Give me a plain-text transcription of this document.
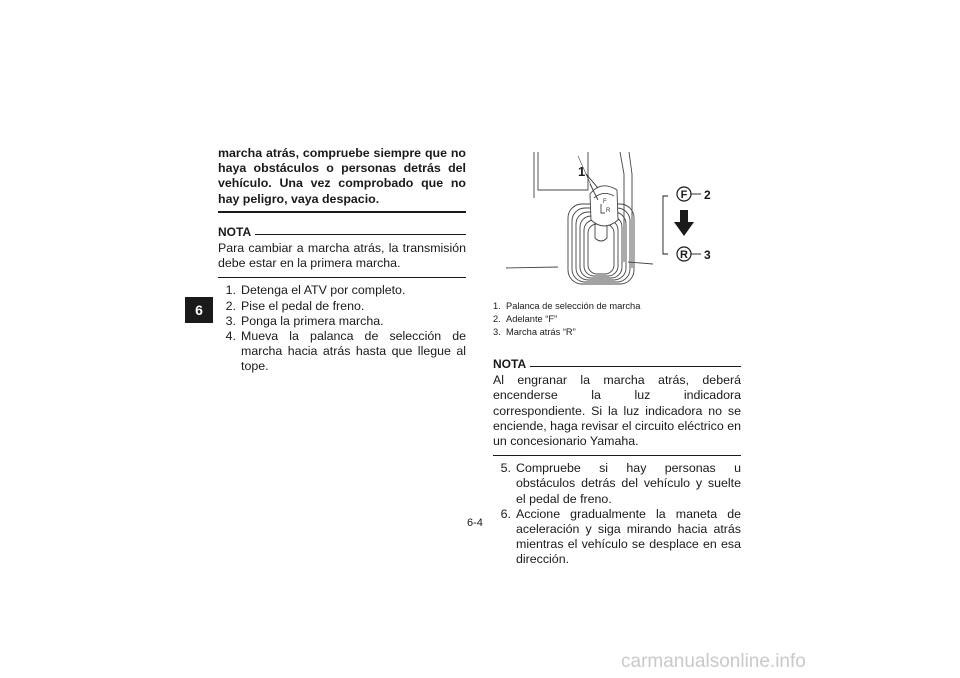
6

marcha atrás, compruebe siempre que no haya obstáculos o personas detrás del vehículo. Una vez comprobado que no hay peligro, vaya despacio.

NOTA

Para cambiar a marcha atrás, la transmisión debe estar en la primera marcha.

1. Detenga el ATV por completo.
2. Pise el pedal de freno.
3. Ponga la primera marcha.
4. Mueva la palanca de selección de marcha hacia atrás hasta que llegue al tope.
F
R
1
F 2
R 3
1. Palanca de selección de marcha
2. Adelante “F”
3. Marcha atrás “R”
NOTA

Al engranar la marcha atrás, deberá encenderse la luz indicadora correspondiente. Si la luz indicadora no se enciende, haga revisar el circuito eléctrico en un concesionario Yamaha.

5. Compruebe si hay personas u obstáculos detrás del vehículo y suelte el pedal de freno.
6. Accione gradualmente la maneta de aceleración y siga mirando hacia atrás mientras el vehículo se desplace en esa dirección.
6-4
carmanualsonline.info
